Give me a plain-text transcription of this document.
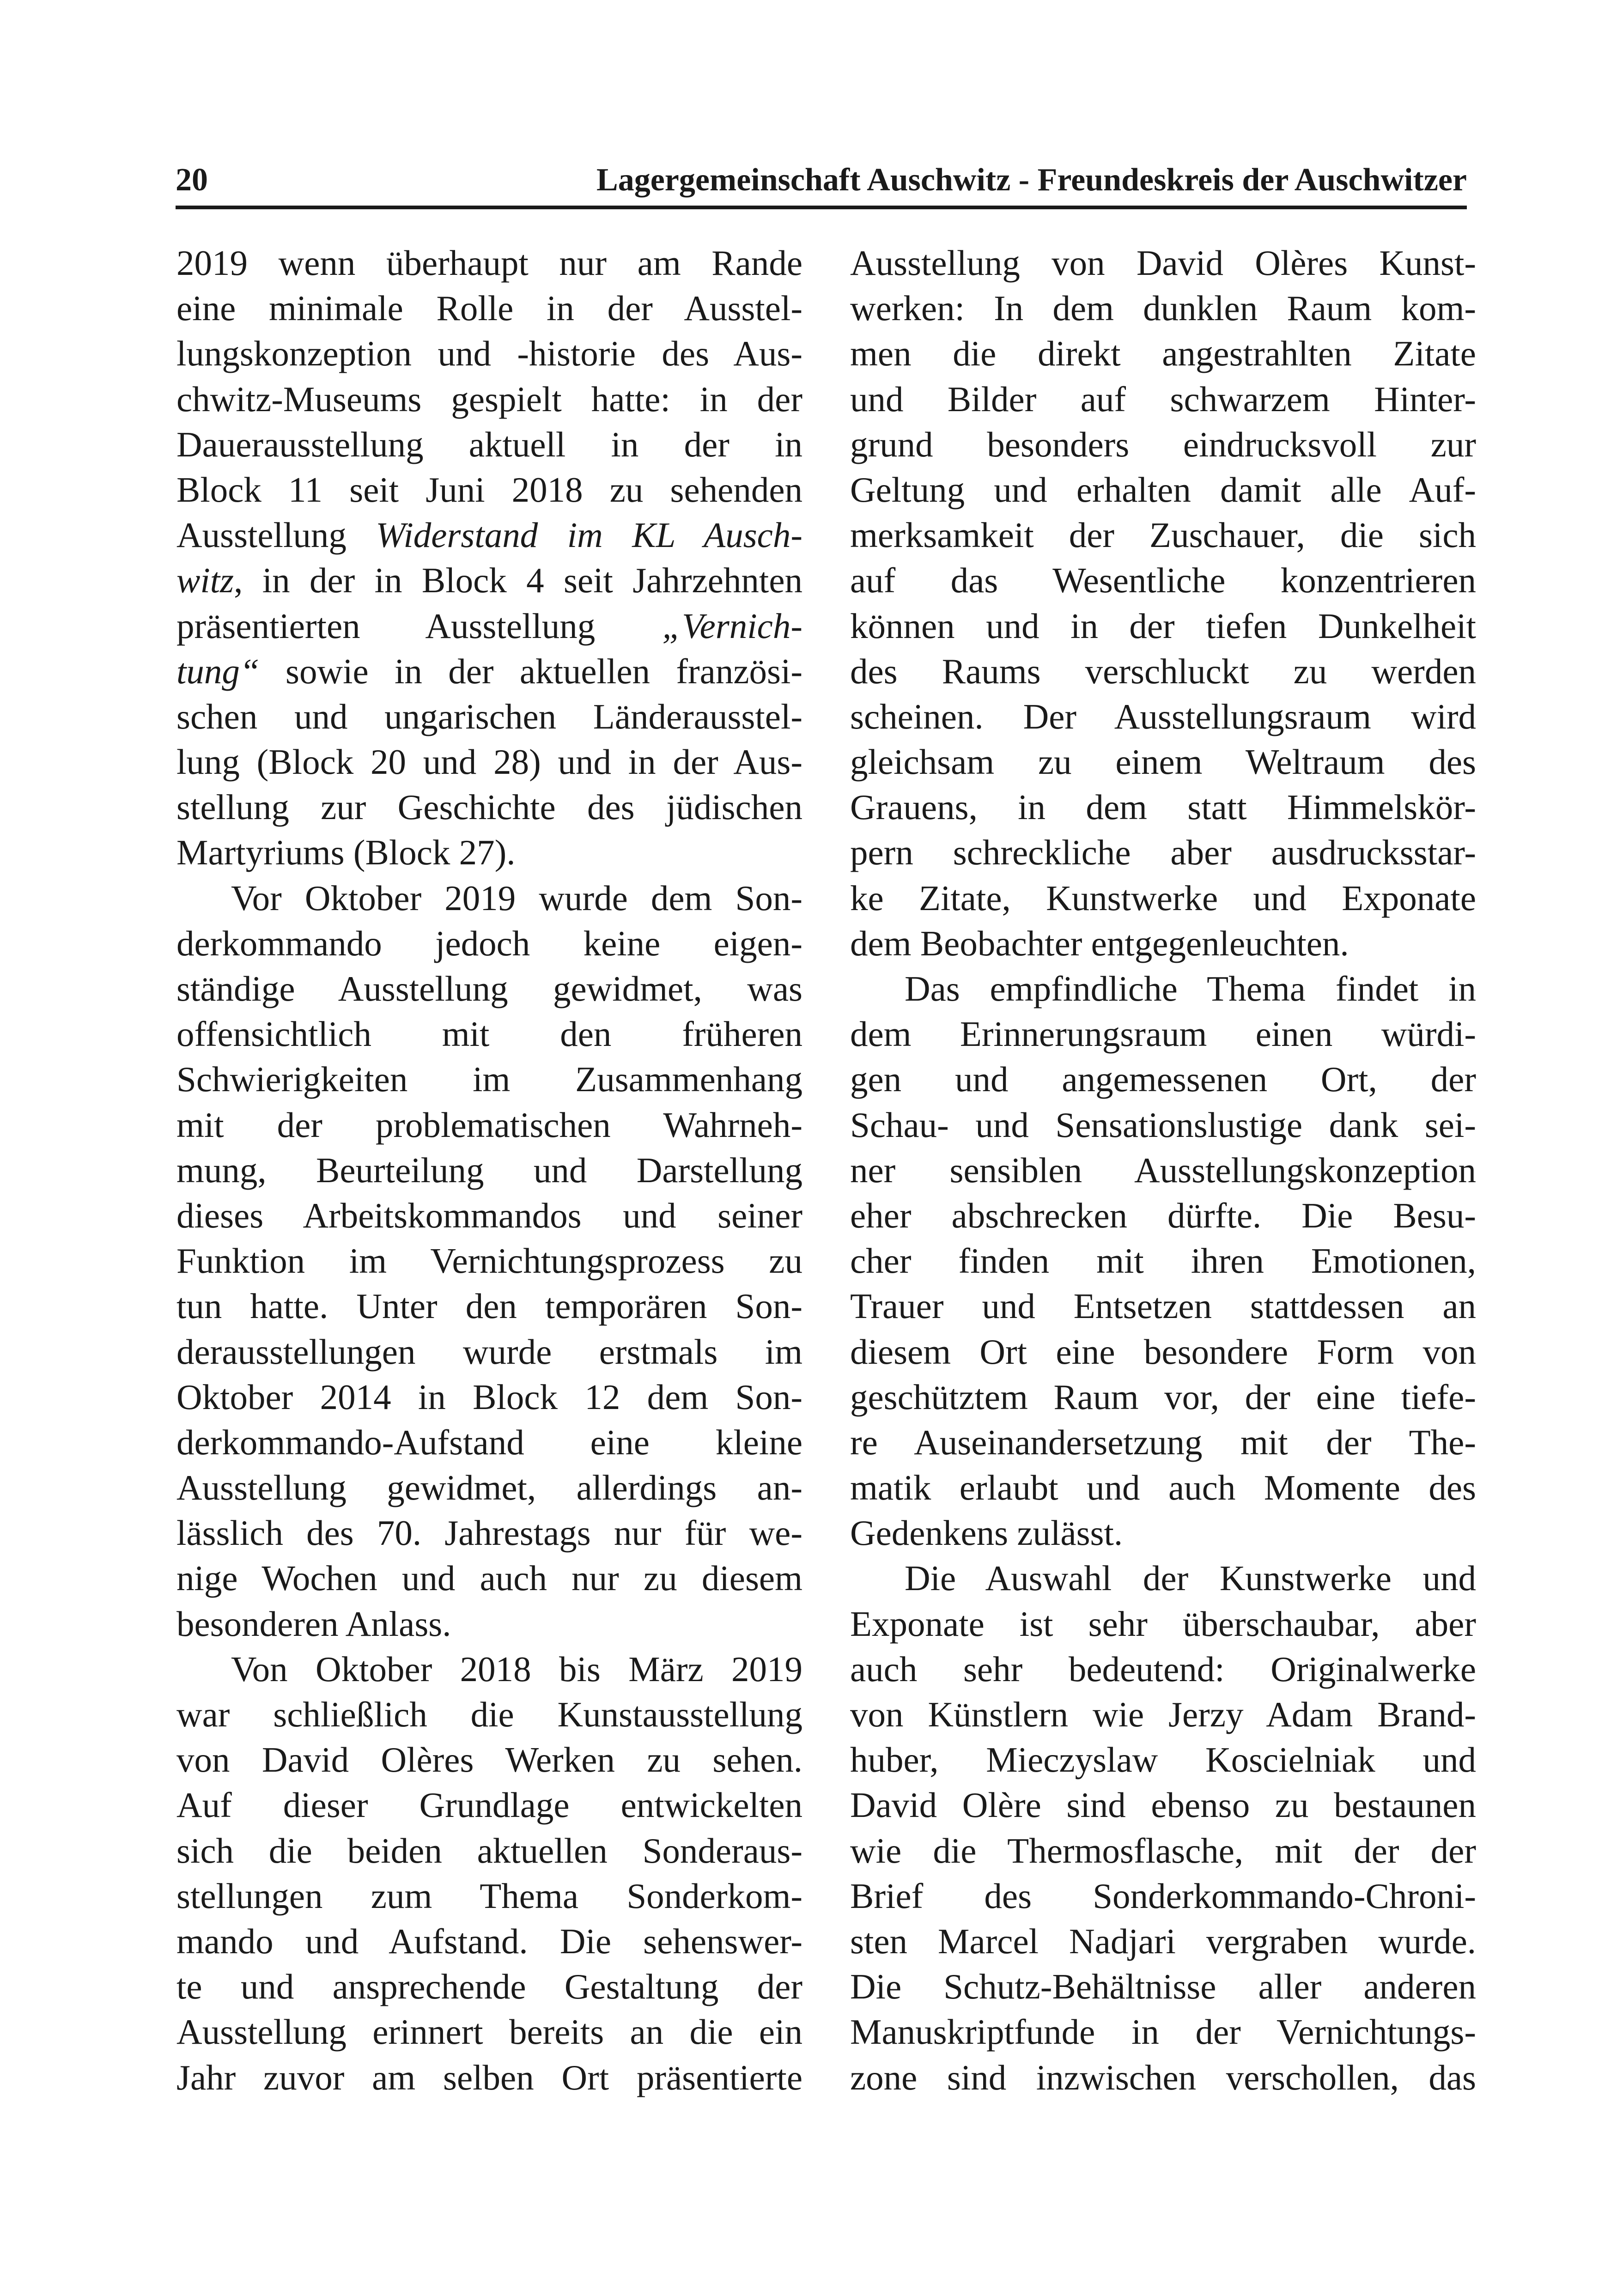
20	Lagergemeinschaft Auschwitz - Freundeskreis der Auschwitzer

2019 wenn überhaupt nur am Rande
eine minimale Rolle in der Ausstel-
lungskonzeption und -historie des Aus-
chwitz-Museums gespielt hatte: in der
Dauerausstellung aktuell in der in
Block 11 seit Juni 2018 zu sehenden
Ausstellung Widerstand im KL Ausch-
witz, in der in Block 4 seit Jahrzehnten
präsentierten Ausstellung „Vernich-
tung“ sowie in der aktuellen französi-
schen und ungarischen Länderausstel-
lung (Block 20 und 28) und in der Aus-
stellung zur Geschichte des jüdischen
Martyriums (Block 27).

Vor Oktober 2019 wurde dem Son-
derkommando jedoch keine eigen-
ständige Ausstellung gewidmet, was
offensichtlich mit den früheren
Schwierigkeiten im Zusammenhang
mit der problematischen Wahrneh-
mung, Beurteilung und Darstellung
dieses Arbeitskommandos und seiner
Funktion im Vernichtungsprozess zu
tun hatte. Unter den temporären Son-
derausstellungen wurde erstmals im
Oktober 2014 in Block 12 dem Son-
derkommando-Aufstand eine kleine
Ausstellung gewidmet, allerdings an-
lässlich des 70. Jahrestags nur für we-
nige Wochen und auch nur zu diesem
besonderen Anlass.

Von Oktober 2018 bis März 2019
war schließlich die Kunstausstellung
von David Olères Werken zu sehen.
Auf dieser Grundlage entwickelten
sich die beiden aktuellen Sonderaus-
stellungen zum Thema Sonderkom-
mando und Aufstand. Die sehenswer-
te und ansprechende Gestaltung der
Ausstellung erinnert bereits an die ein
Jahr zuvor am selben Ort präsentierte

Ausstellung von David Olères Kunst-
werken: In dem dunklen Raum kom-
men die direkt angestrahlten Zitate
und Bilder auf schwarzem Hinter-
grund besonders eindrucksvoll zur
Geltung und erhalten damit alle Auf-
merksamkeit der Zuschauer, die sich
auf das Wesentliche konzentrieren
können und in der tiefen Dunkelheit
des Raums verschluckt zu werden
scheinen. Der Ausstellungsraum wird
gleichsam zu einem Weltraum des
Grauens, in dem statt Himmelskör-
pern schreckliche aber ausdrucksstar-
ke Zitate, Kunstwerke und Exponate
dem Beobachter entgegenleuchten.

Das empfindliche Thema findet in
dem Erinnerungsraum einen würdi-
gen und angemessenen Ort, der
Schau- und Sensationslustige dank sei-
ner sensiblen Ausstellungskonzeption
eher abschrecken dürfte. Die Besu-
cher finden mit ihren Emotionen,
Trauer und Entsetzen stattdessen an
diesem Ort eine besondere Form von
geschütztem Raum vor, der eine tiefe-
re Auseinandersetzung mit der The-
matik erlaubt und auch Momente des
Gedenkens zulässt.

Die Auswahl der Kunstwerke und
Exponate ist sehr überschaubar, aber
auch sehr bedeutend: Originalwerke
von Künstlern wie Jerzy Adam Brand-
huber, Mieczyslaw Koscielniak und
David Olère sind ebenso zu bestaunen
wie die Thermosflasche, mit der der
Brief des Sonderkommando-Chroni-
sten Marcel Nadjari vergraben wurde.
Die Schutz-Behältnisse aller anderen
Manuskriptfunde in der Vernichtungs-
zone sind inzwischen verschollen, das
